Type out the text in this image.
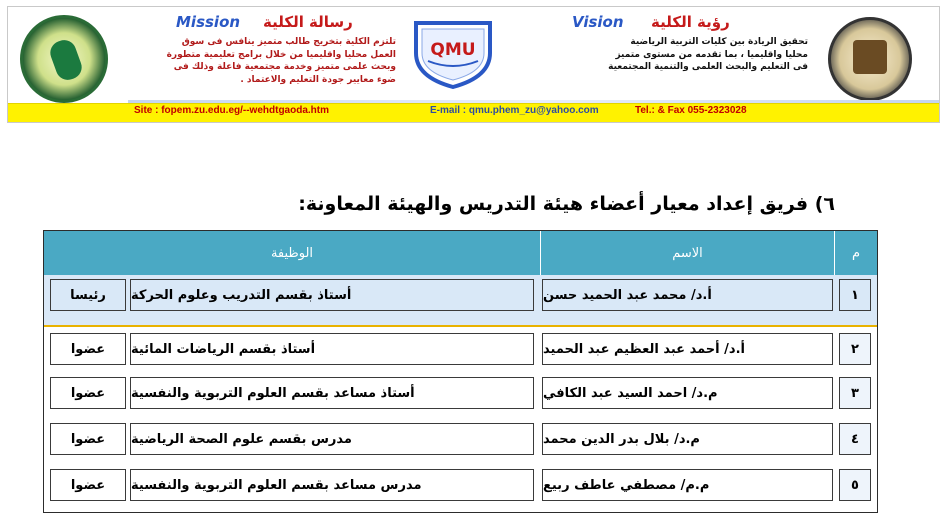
Mission رسالة الكلية
تلتزم الكلية بتخريج طالب متميز ينافس فى سوق
العمل محليا واقليميا من خلال برامج تعليمية متطورة
وبحث علمى متميز وخدمة مجتمعية فاعلة وذلك فى
ضوء معايير جودة التعليم والاعتماد .
QMU
Vision رؤية الكلية
تحقيق الريادة بين كليات التربية الرياضية
محليا واقليميا ، بما تقدمه من مستوى متميز
فى التعليم والبحث العلمى والتنمية المجتمعية
Site : fopem.zu.edu.eg/--wehdtgaoda.htm	E-mail : qmu.phem_zu@yahoo.com	Tel.: & Fax 055-2323028
٦) فريق إعداد معيار أعضاء هيئة التدريس والهيئة المعاونة:
م
الاسم
الوظيفة
١
أ.د/ محمد عبد الحميد حسن
أستاذ بقسم التدريب وعلوم الحركة
رئيسا
٢
أ.د/ أحمد عبد العظيم عبد الحميد
أستاذ بقسم الرياضات المائية
عضوا
٣
م.د/ احمد السيد عبد الكافي
أستاذ مساعد بقسم العلوم التربوية والنفسية
عضوا
٤
م.د/ بلال بدر الدين محمد
مدرس بقسم علوم الصحة الرياضية
عضوا
٥
م.م/ مصطفي عاطف ربيع
مدرس مساعد بقسم العلوم التربوية والنفسية
عضوا
